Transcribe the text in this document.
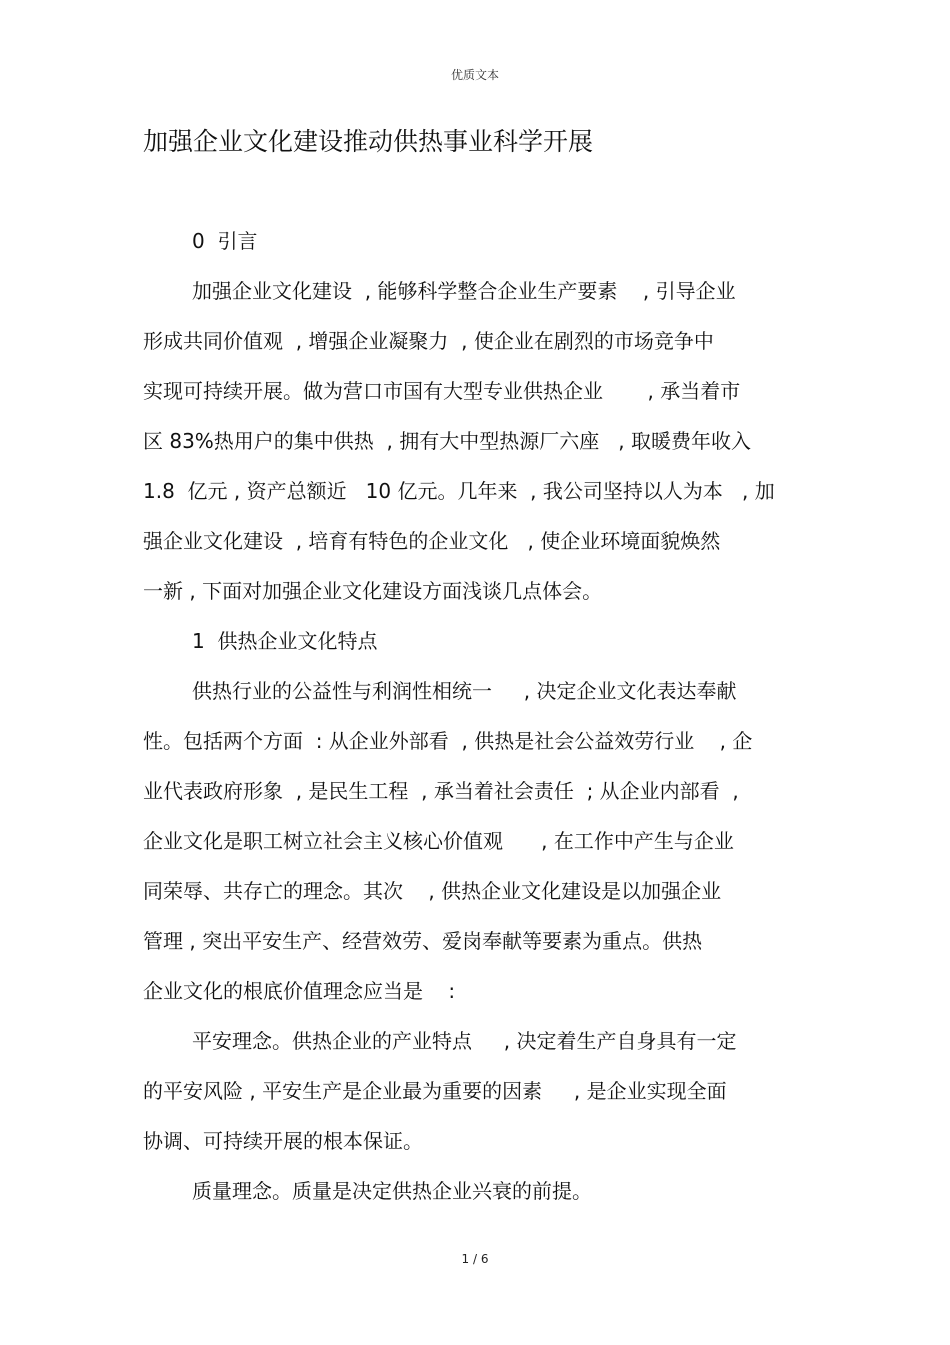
优质文本
加强企业文化建设推动供热事业科学开展
0  引言
加强企业文化建设  , 能够科学整合企业生产要素    , 引导企业
形成共同价值观  , 增强企业凝聚力  , 使企业在剧烈的市场竞争中
实现可持续开展。做为营口市国有大型专业供热企业       , 承当着市
区 83%热用户的集中供热  , 拥有大中型热源厂六座   , 取暖费年收入
1.8  亿元 , 资产总额近   10 亿元。几年来  , 我公司坚持以人为本   , 加
强企业文化建设  , 培育有特色的企业文化   , 使企业环境面貌焕然
一新 , 下面对加强企业文化建设方面浅谈几点体会。
1  供热企业文化特点
供热行业的公益性与利润性相统一     , 决定企业文化表达奉献
性。包括两个方面  : 从企业外部看  , 供热是社会公益效劳行业    , 企
业代表政府形象  , 是民生工程  , 承当着社会责任  ; 从企业内部看  ,
企业文化是职工树立社会主义核心价值观      , 在工作中产生与企业
同荣辱、共存亡的理念。其次    , 供热企业文化建设是以加强企业
管理 , 突出平安生产、经营效劳、爱岗奉献等要素为重点。供热
企业文化的根底价值理念应当是    :
平安理念。供热企业的产业特点     , 决定着生产自身具有一定
的平安风险 , 平安生产是企业最为重要的因素     , 是企业实现全面
协调、可持续开展的根本保证。
质量理念。质量是决定供热企业兴衰的前提。
1 / 6
